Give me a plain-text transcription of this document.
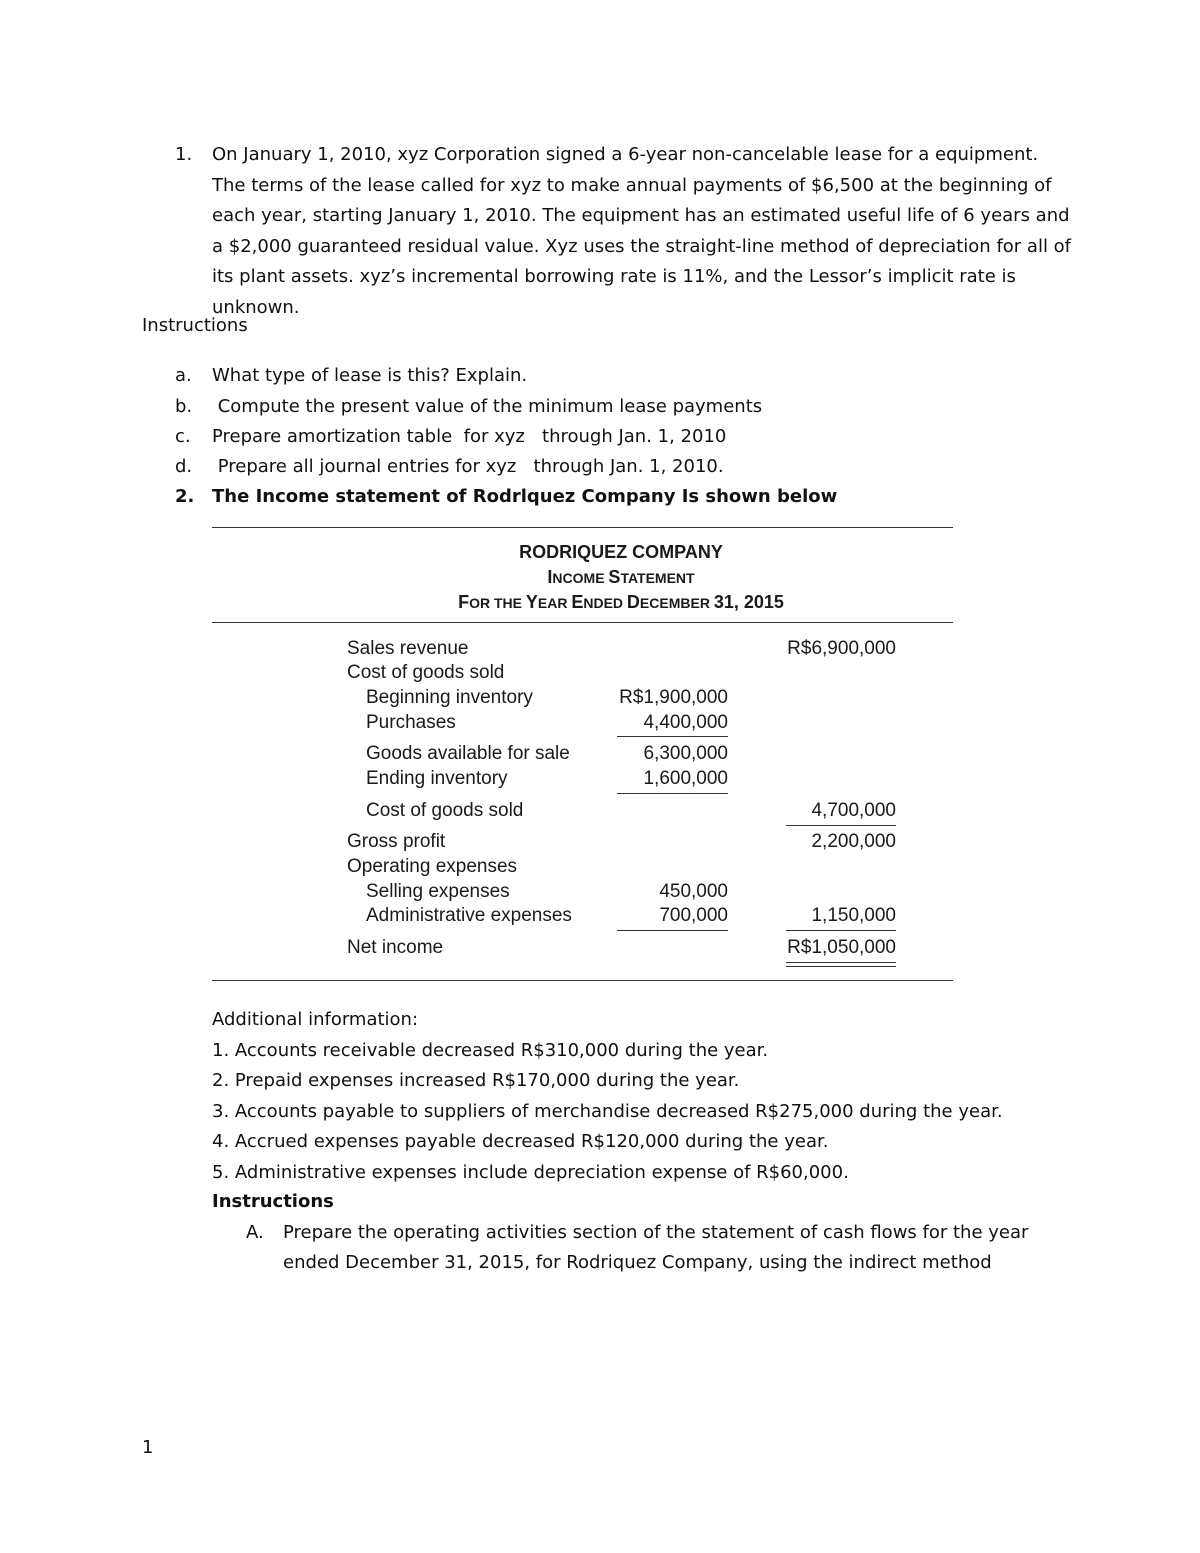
1. On January 1, 2010, xyz Corporation signed a 6-year non-cancelable lease for a equipment. The terms of the lease called for xyz to make annual payments of $6,500 at the beginning of each year, starting January 1, 2010. The equipment has an estimated useful life of 6 years and a $2,000 guaranteed residual value. Xyz uses the straight-line method of depreciation for all of its plant assets. xyz’s incremental borrowing rate is 11%, and the Lessor’s implicit rate is unknown.
Instructions
a. What type of lease is this? Explain.
b. Compute the present value of the minimum lease payments
c. Prepare amortization table  for xyz   through Jan. 1, 2010
d. Prepare all journal entries for xyz   through Jan. 1, 2010.
2. The Income statement of Rodrlquez Company Is shown below
RODRIQUEZ COMPANY
INCOME STATEMENT
FOR THE YEAR ENDED DECEMBER 31, 2015
Sales revenue
Cost of goods sold
Beginning inventory
Purchases
Goods available for sale
Ending inventory
Cost of goods sold
Gross profit
Operating expenses
Selling expenses
Administrative expenses
Net income
R$1,900,000
4,400,000
6,300,000
1,600,000
450,000
700,000
R$6,900,000
4,700,000
2,200,000
1,150,000
R$1,050,000
Additional information:
1. Accounts receivable decreased R$310,000 during the year.
2. Prepaid expenses increased R$170,000 during the year.
3. Accounts payable to suppliers of merchandise decreased R$275,000 during the year.
4. Accrued expenses payable decreased R$120,000 during the year.
5. Administrative expenses include depreciation expense of R$60,000.
Instructions
A. Prepare the operating activities section of the statement of cash flows for the year
ended December 31, 2015, for Rodriquez Company, using the indirect method
1
